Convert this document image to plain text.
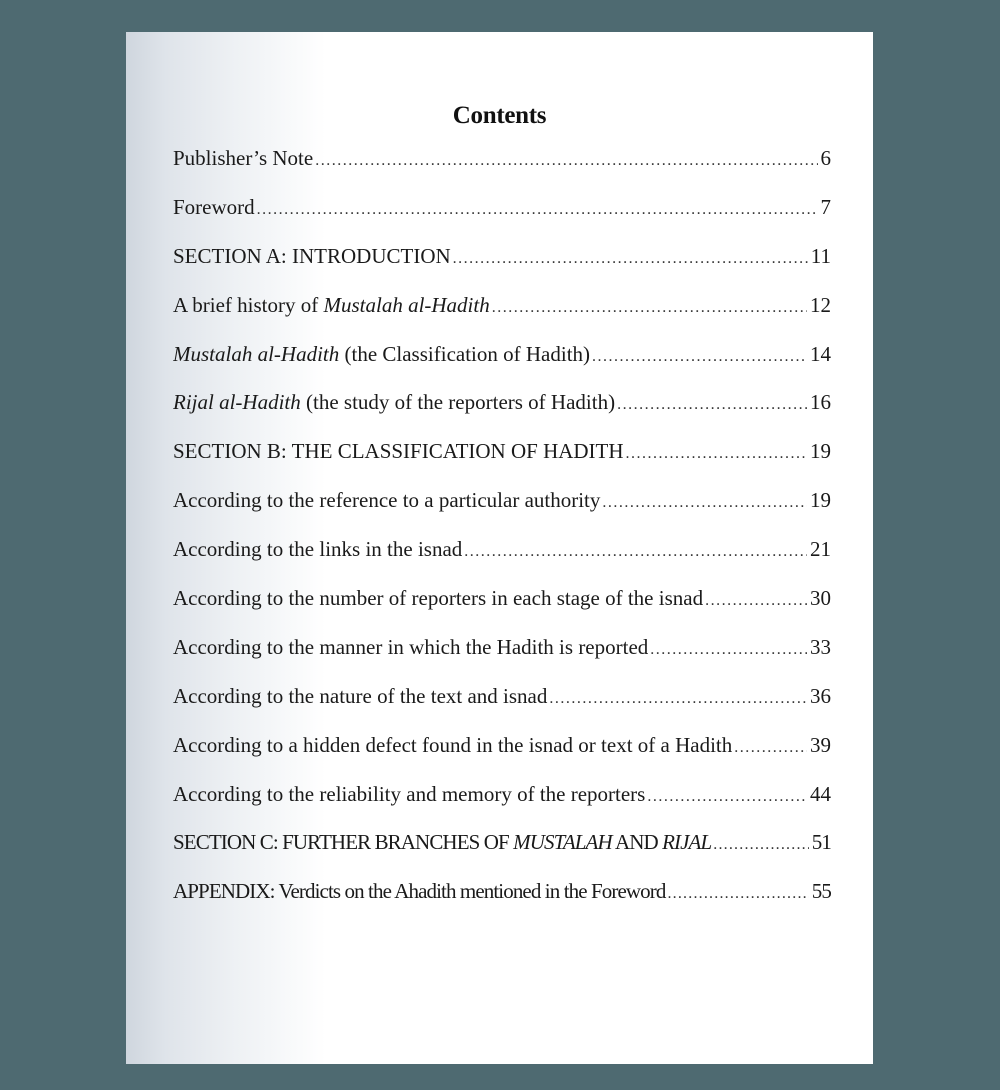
Contents
Publisher’s Note .....	6
Foreword .....	7
SECTION A: INTRODUCTION .....	11
A brief history of Mustalah al-Hadith .....	12
Mustalah al-Hadith (the Classification of Hadith) .....	14
Rijal al-Hadith (the study of the reporters of Hadith) .....	16
SECTION B: THE CLASSIFICATION OF HADITH .....	19
According to the reference to a particular authority .....	19
According to the links in the isnad .....	21
According to the number of reporters in each stage of the isnad .....	30
According to the manner in which the Hadith is reported .....	33
According to the nature of the text and isnad .....	36
According to a hidden defect found in the isnad or text of a Hadith .....	39
According to the reliability and memory of the reporters .....	44
SECTION C: FURTHER BRANCHES OF MUSTALAH AND RIJAL .....	51
APPENDIX: Verdicts on the Ahadith mentioned in the Foreword .....	55
